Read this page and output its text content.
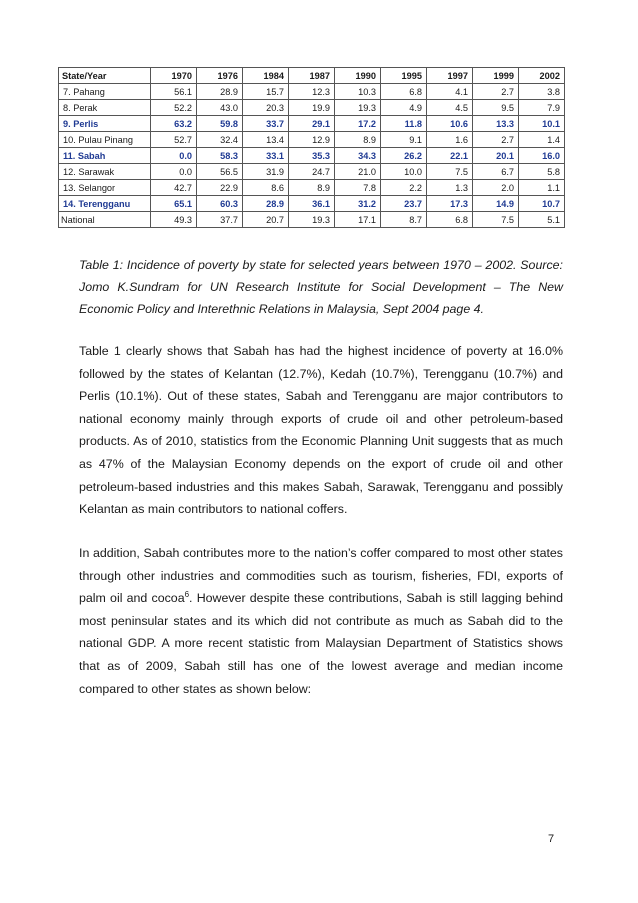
State/Year	1970	1976	1984	1987	1990	1995	1997	1999	2002
7. Pahang	56.1	28.9	15.7	12.3	10.3	6.8	4.1	2.7	3.8
8. Perak	52.2	43.0	20.3	19.9	19.3	4.9	4.5	9.5	7.9
9. Perlis	63.2	59.8	33.7	29.1	17.2	11.8	10.6	13.3	10.1
10. Pulau Pinang	52.7	32.4	13.4	12.9	8.9	9.1	1.6	2.7	1.4
11. Sabah	0.0	58.3	33.1	35.3	34.3	26.2	22.1	20.1	16.0
12. Sarawak	0.0	56.5	31.9	24.7	21.0	10.0	7.5	6.7	5.8
13. Selangor	42.7	22.9	8.6	8.9	7.8	2.2	1.3	2.0	1.1
14. Terengganu	65.1	60.3	28.9	36.1	31.2	23.7	17.3	14.9	10.7
National	49.3	37.7	20.7	19.3	17.1	8.7	6.8	7.5	5.1
Table 1: Incidence of poverty by state for selected years between 1970 – 2002. Source: Jomo K.Sundram for UN Research Institute for Social Development – The New Economic Policy and Interethnic Relations in Malaysia, Sept 2004 page 4.

Table 1 clearly shows that Sabah has had the highest incidence of poverty at 16.0% followed by the states of Kelantan (12.7%), Kedah (10.7%), Terengganu (10.7%) and Perlis (10.1%). Out of these states, Sabah and Terengganu are major contributors to national economy mainly through exports of crude oil and other petroleum-based products. As of 2010, statistics from the Economic Planning Unit suggests that as much as 47% of the Malaysian Economy depends on the export of crude oil and other petroleum-based industries and this makes Sabah, Sarawak, Terengganu and possibly Kelantan as main contributors to national coffers.

In addition, Sabah contributes more to the nation’s coffer compared to most other states through other industries and commodities such as tourism, fisheries, FDI, exports of palm oil and cocoa$^6$. However despite these contributions, Sabah is still lagging behind most peninsular states and its which did not contribute as much as Sabah did to the national GDP. A more recent statistic from Malaysian Department of Statistics shows that as of 2009, Sabah still has one of the lowest average and median income compared to other states as shown below:

7
